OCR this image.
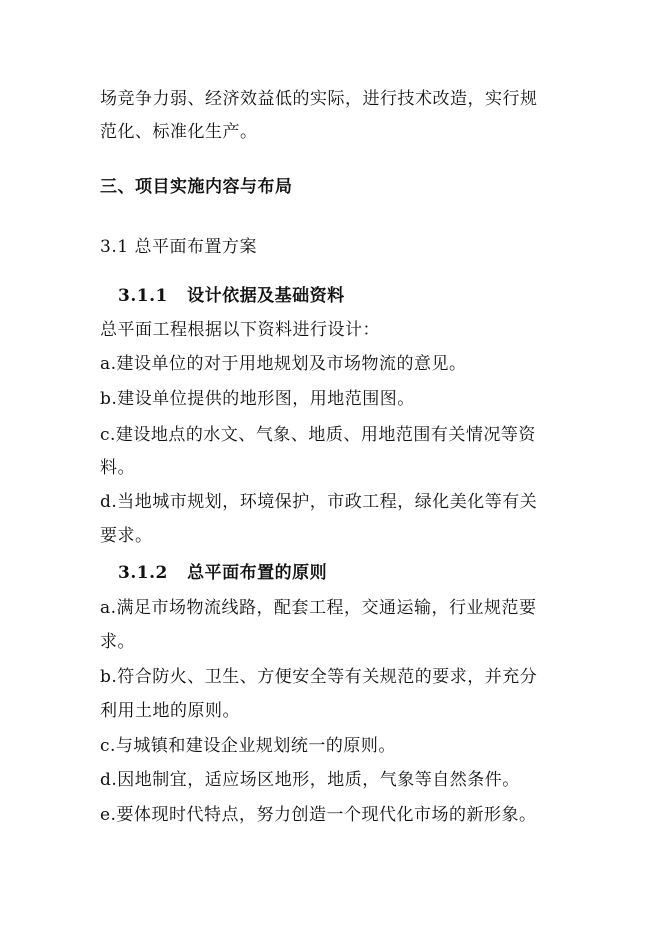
场竞争力弱、经济效益低的实际，进行技术改造，实行规
范化、标准化生产。
三、项目实施内容与布局
3.1 总平面布置方案
3.1.1 设计依据及基础资料
总平面工程根据以下资料进行设计：
a.建设单位的对于用地规划及市场物流的意见。
b.建设单位提供的地形图，用地范围图。
c.建设地点的水文、气象、地质、用地范围有关情况等资
料。
d.当地城市规划，环境保护，市政工程，绿化美化等有关
要求。
3.1.2 总平面布置的原则
a.满足市场物流线路，配套工程，交通运输，行业规范要
求。
b.符合防火、卫生、方便安全等有关规范的要求，并充分
利用土地的原则。
c.与城镇和建设企业规划统一的原则。
d.因地制宜，适应场区地形，地质，气象等自然条件。
e.要体现时代特点，努力创造一个现代化市场的新形象。
